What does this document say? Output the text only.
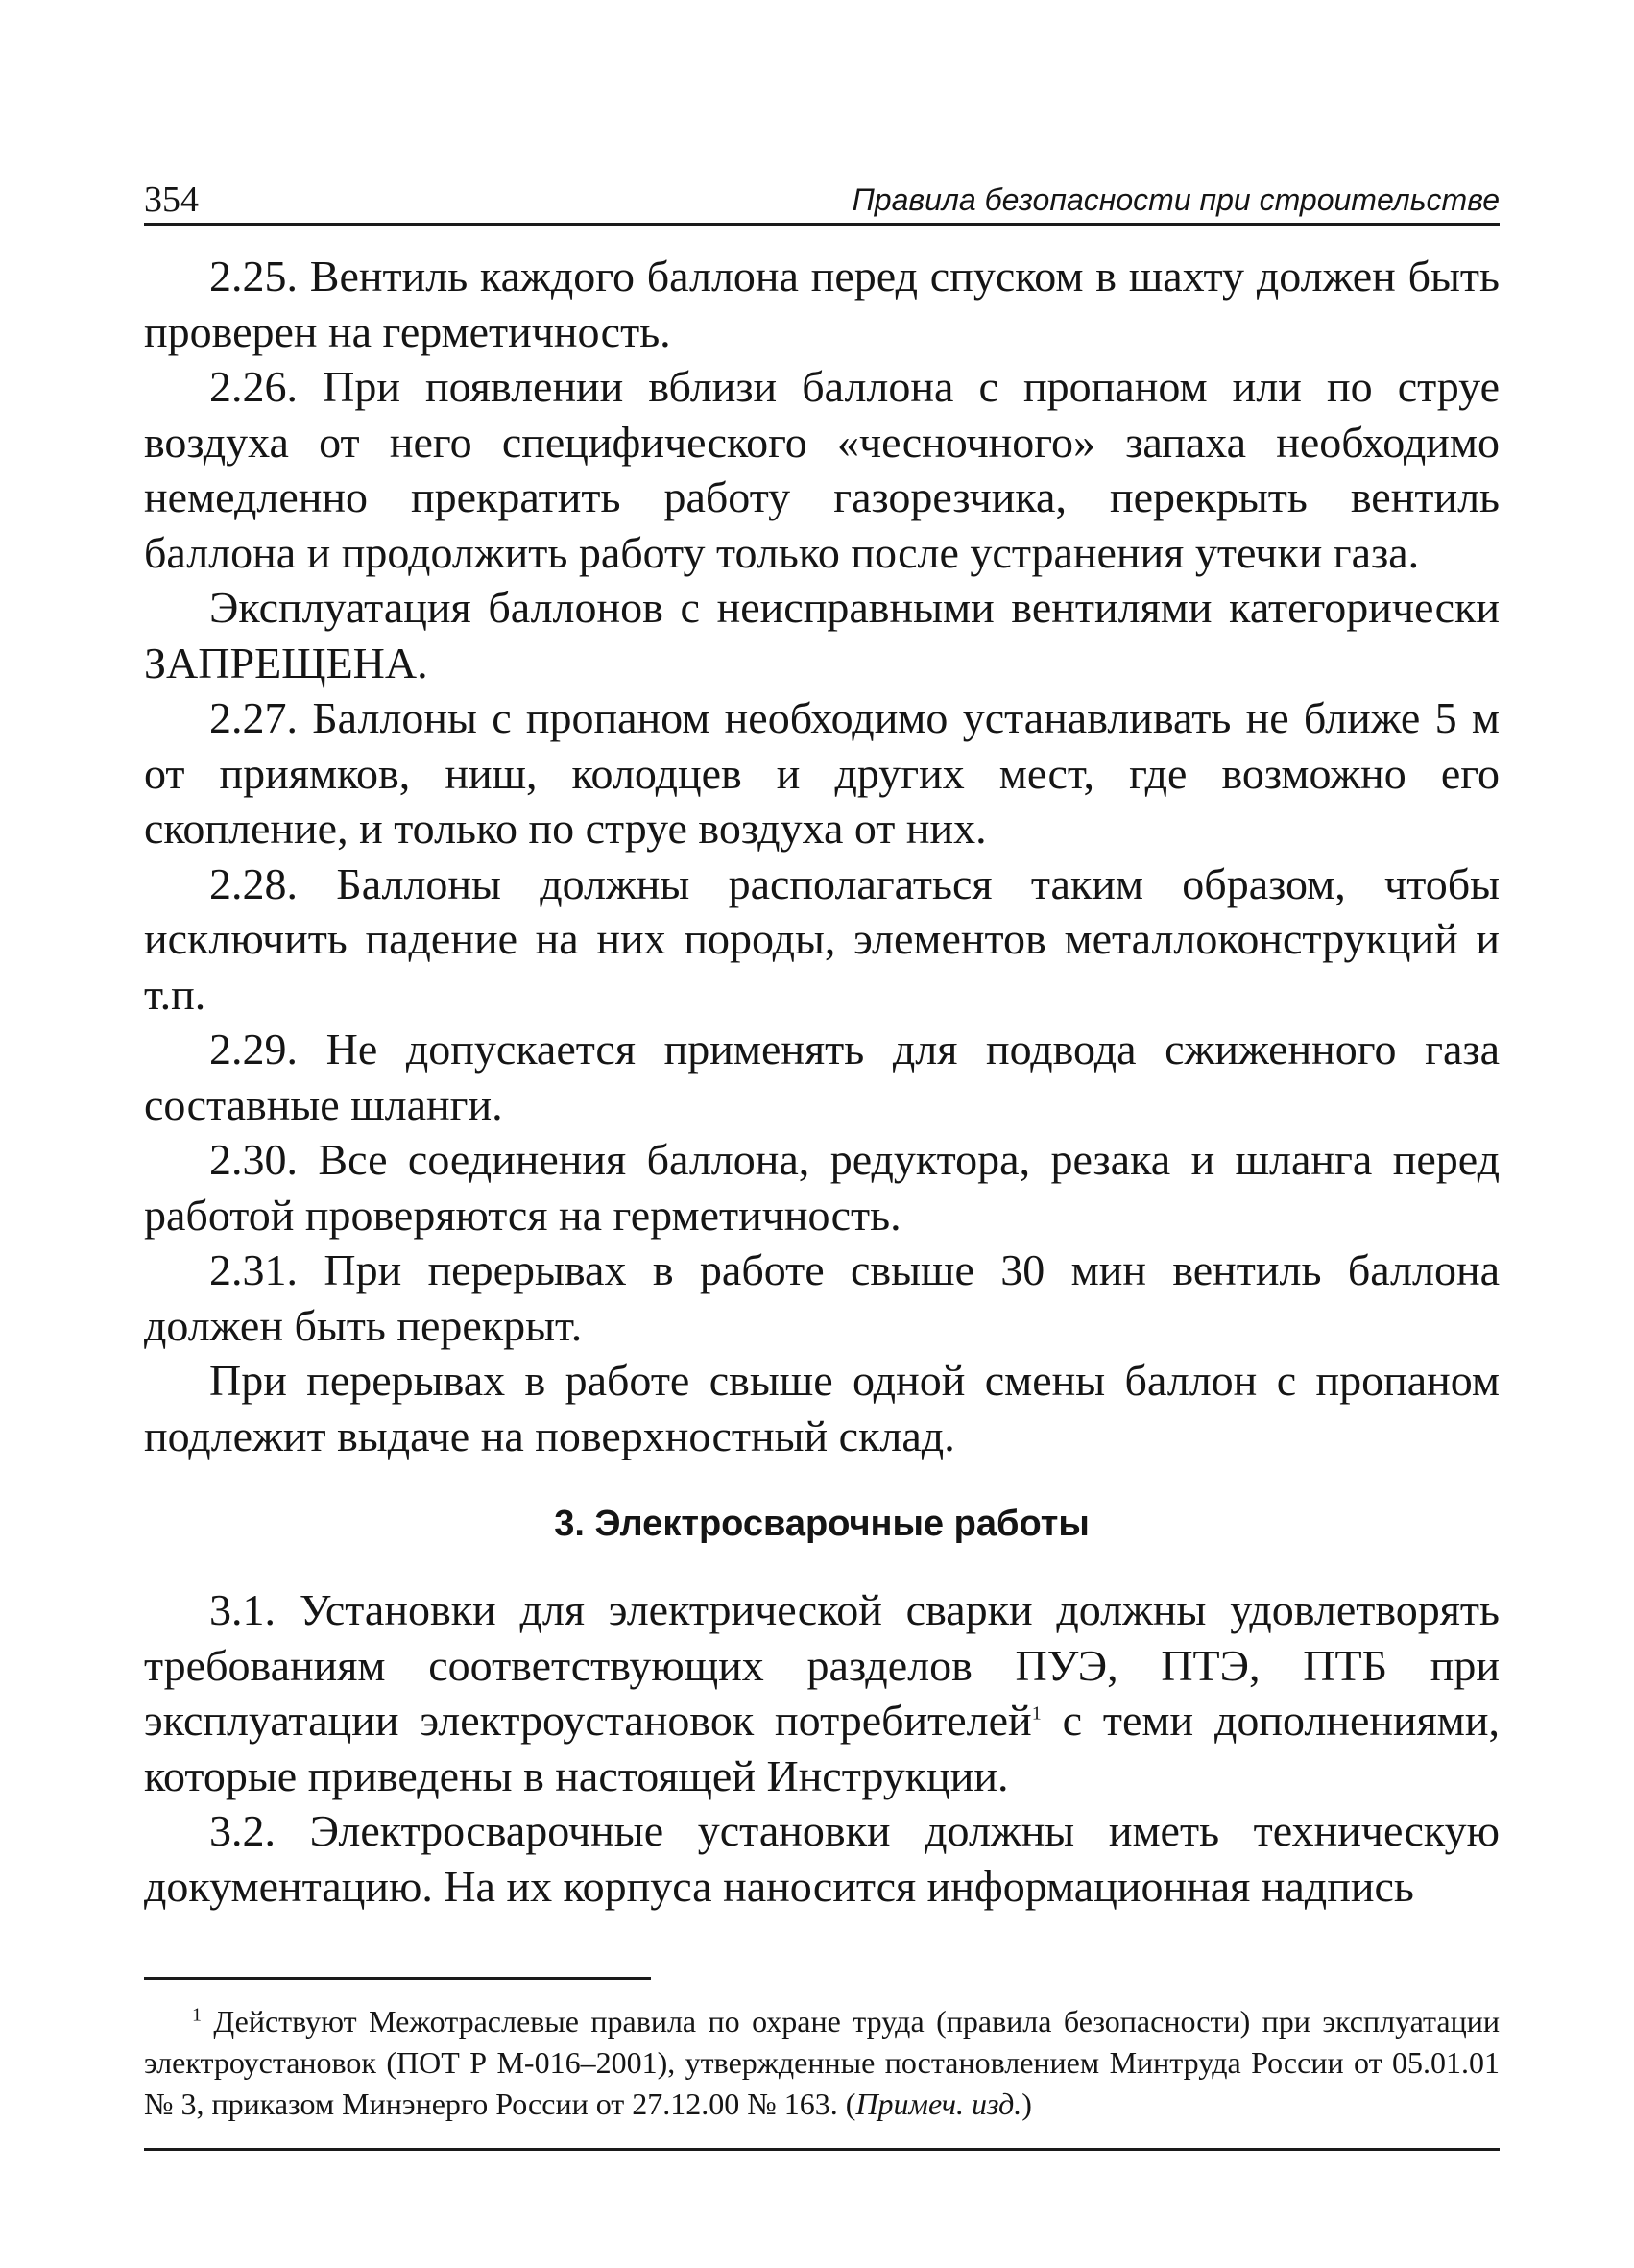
354	Правила безопасности при строительстве

2.25. Вентиль каждого баллона перед спуском в шахту должен быть проверен на герметичность.

2.26. При появлении вблизи баллона с пропаном или по струе воздуха от него специфического «чесночного» запаха необходимо немедленно прекратить работу газорезчика, перекрыть вентиль баллона и продолжить работу только после устранения утечки газа.

Эксплуатация баллонов с неисправными вентилями категорически ЗАПРЕЩЕНА.

2.27. Баллоны с пропаном необходимо устанавливать не ближе 5 м от приямков, ниш, колодцев и других мест, где возможно его скопление, и только по струе воздуха от них.

2.28. Баллоны должны располагаться таким образом, чтобы исключить падение на них породы, элементов металлоконструкций и т.п.

2.29. Не допускается применять для подвода сжиженного газа составные шланги.

2.30. Все соединения баллона, редуктора, резака и шланга перед работой проверяются на герметичность.

2.31. При перерывах в работе свыше 30 мин вентиль баллона должен быть перекрыт.

При перерывах в работе свыше одной смены баллон с пропаном подлежит выдаче на поверхностный склад.

3. Электросварочные работы

3.1. Установки для электрической сварки должны удовлетворять требованиям соответствующих разделов ПУЭ, ПТЭ, ПТБ при эксплуатации электроустановок потребителей$^1$ с теми дополнениями, которые приведены в настоящей Инструкции.

3.2. Электросварочные установки должны иметь техническую документацию. На их корпуса наносится информационная надпись

$^1$ Действуют Межотраслевые правила по охране труда (правила безопасности) при эксплуатации электроустановок (ПОТ Р М-016–2001), утвержденные постановлением Минтруда России от 05.01.01 № 3, приказом Минэнерго России от 27.12.00 № 163. (Примеч. изд.)
